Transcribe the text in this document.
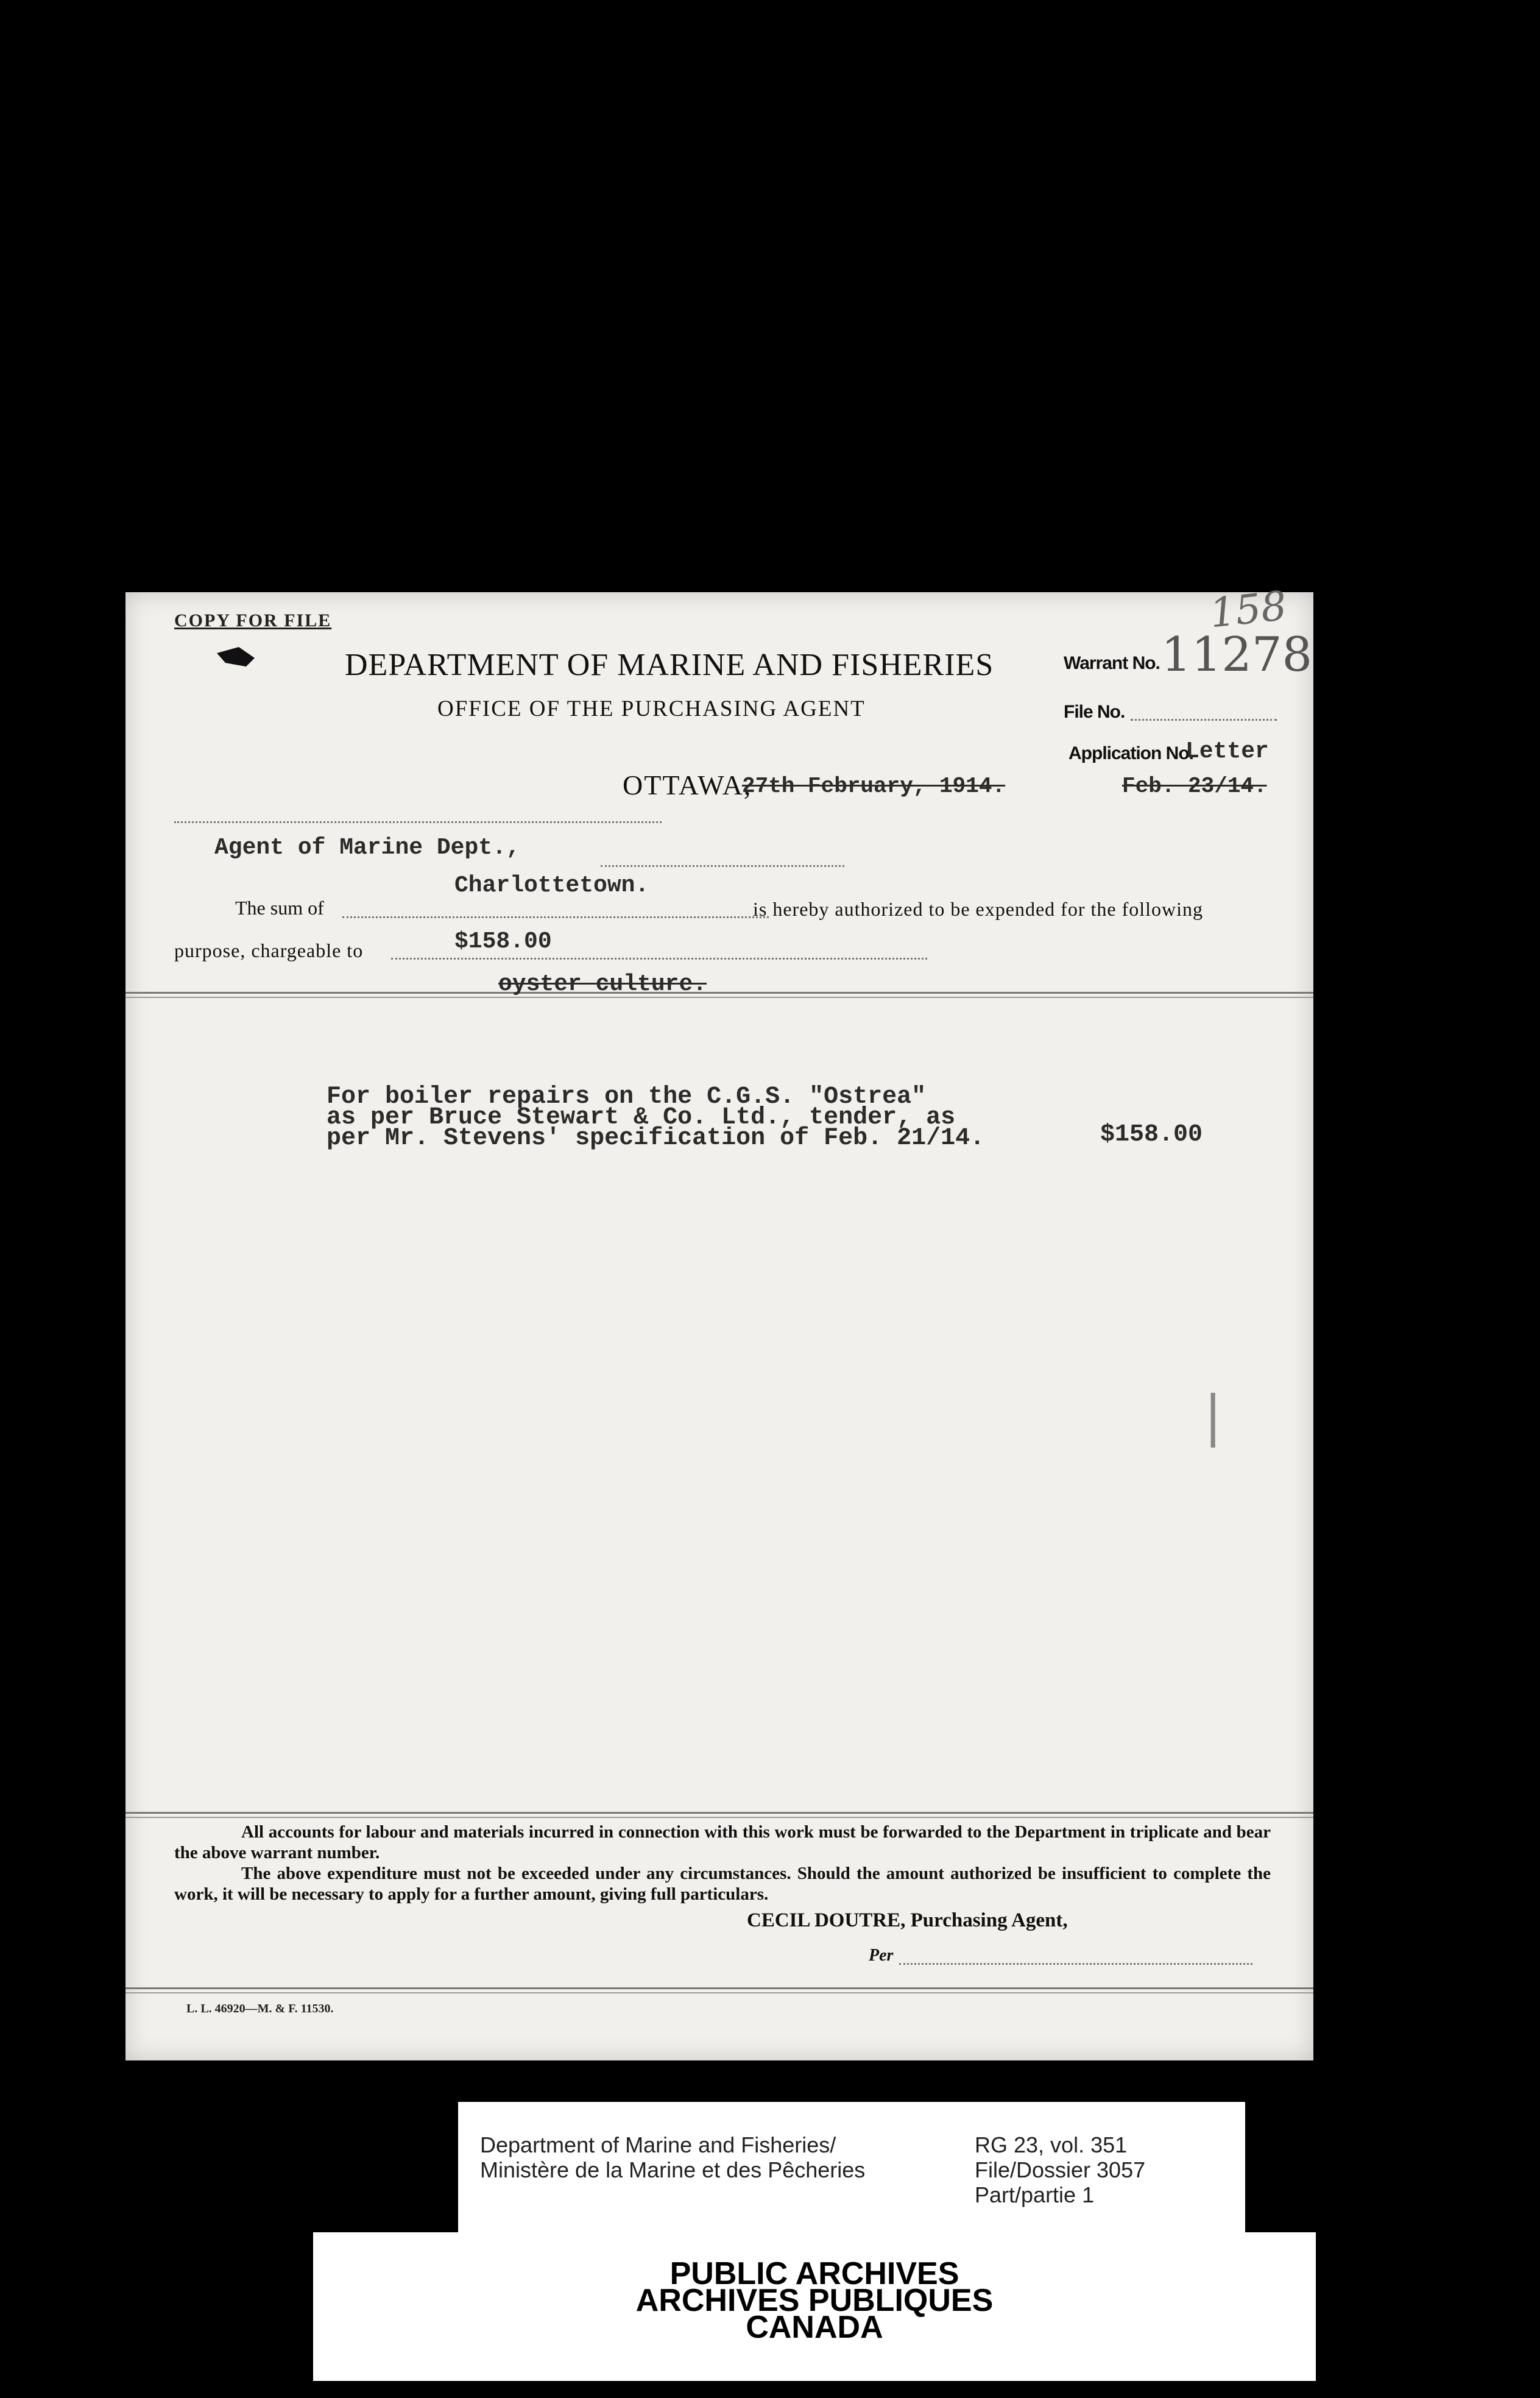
COPY FOR FILE
DEPARTMENT OF MARINE AND FISHERIES
OFFICE OF THE PURCHASING AGENT
Warrant No. 11278
158
File No.
Application No.
Letter
OTTAWA,
27th February, 1914.	Feb. 23/14.
Agent of Marine Dept.,
Charlottetown.
The sum of	is hereby authorized to be expended for the following
purpose, chargeable to	$158.00
oyster culture.
For boiler repairs on the C.G.S. "Ostrea"
as per Bruce Stewart & Co. Ltd., tender, as
per Mr. Stevens' specification of Feb. 21/14.	$158.00
|
All accounts for labour and materials incurred in connection with this work must be forwarded to the Department in triplicate and bear the above warrant number.
The above expenditure must not be exceeded under any circumstances. Should the amount authorized be insufficient to complete the work, it will be necessary to apply for a further amount, giving full particulars.
CECIL DOUTRE, Purchasing Agent,
Per
L. L. 46920—M. & F. 11530.
Department of Marine and Fisheries/
Ministère de la Marine et des Pêcheries
RG 23, vol. 351
File/Dossier 3057
Part/partie 1
PUBLIC ARCHIVES
ARCHIVES PUBLIQUES
CANADA
